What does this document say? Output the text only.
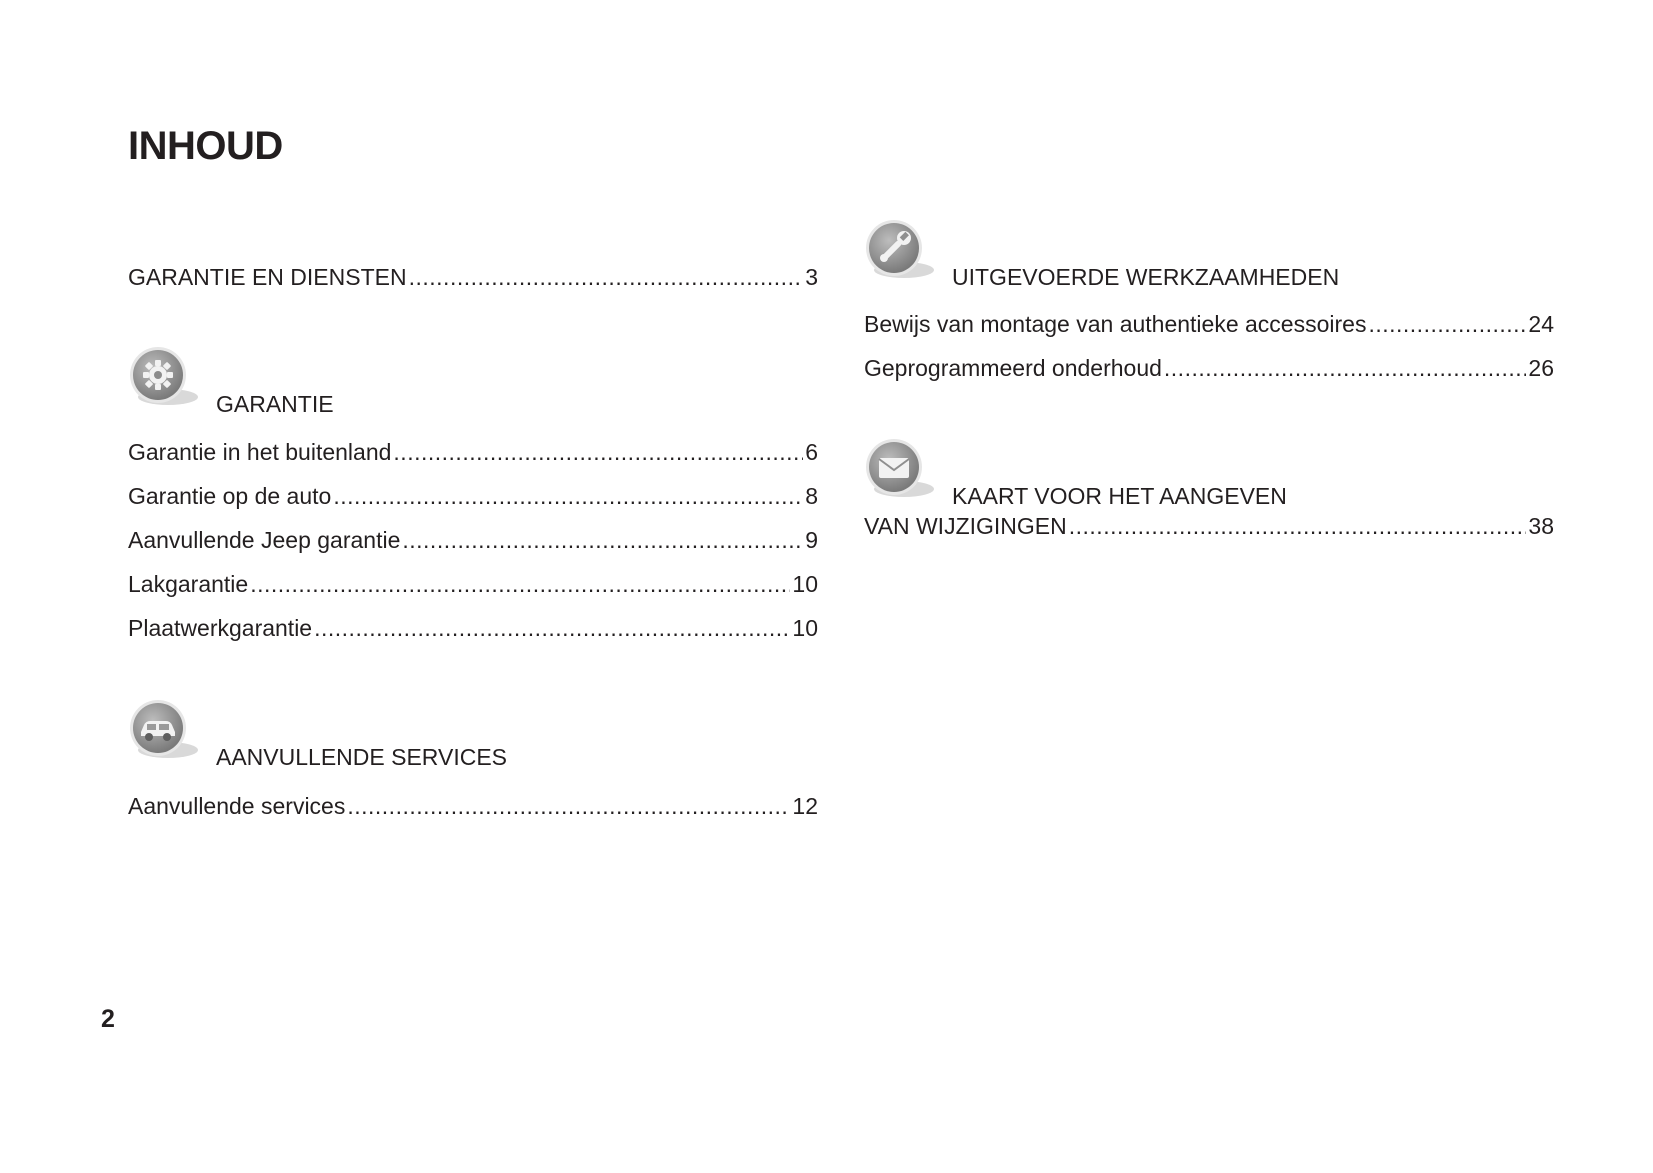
INHOUD
GARANTIE EN DIENSTEN .....	3
GARANTIE
Garantie in het buitenland .....	6
Garantie op de auto .....	8
Aanvullende Jeep garantie .....	9
Lakgarantie .....	10
Plaatwerkgarantie .....	10
AANVULLENDE SERVICES
Aanvullende services .....	12
UITGEVOERDE WERKZAAMHEDEN
Bewijs van montage van authentieke accessoires .....	24
Geprogrammeerd onderhoud .....	26
KAART VOOR HET AANGEVEN
VAN WIJZIGINGEN .....	38
2
